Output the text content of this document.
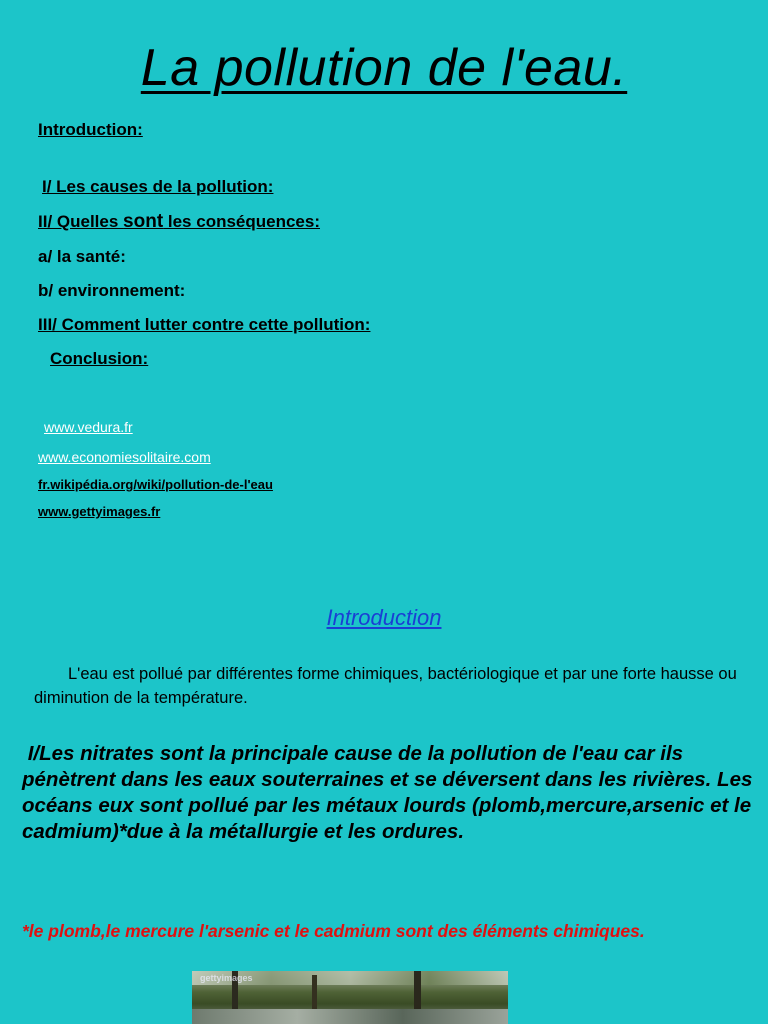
La pollution de l'eau.
Introduction:
I/ Les causes de la pollution:
II/ Quelles sont les conséquences:
a/ la santé:
b/ environnement:
III/ Comment lutter contre cette pollution:
Conclusion:
www.vedura.fr
www.economiesolitaire.com
fr.wikipédia.org/wiki/pollution-de-l'eau
www.gettyimages.fr
Introduction
L'eau est pollué par différentes forme chimiques, bactériologique et par une forte hausse ou diminution de la température.
I/Les nitrates sont la principale cause de la pollution de l'eau car ils pénètrent dans les eaux souterraines et se déversent dans les rivières. Les océans eux sont pollué par les métaux lourds (plomb,mercure,arsenic et le cadmium)*due à la métallurgie et les ordures.
*le plomb,le mercure l'arsenic et le cadmium sont des éléments chimiques.
gettyimages
